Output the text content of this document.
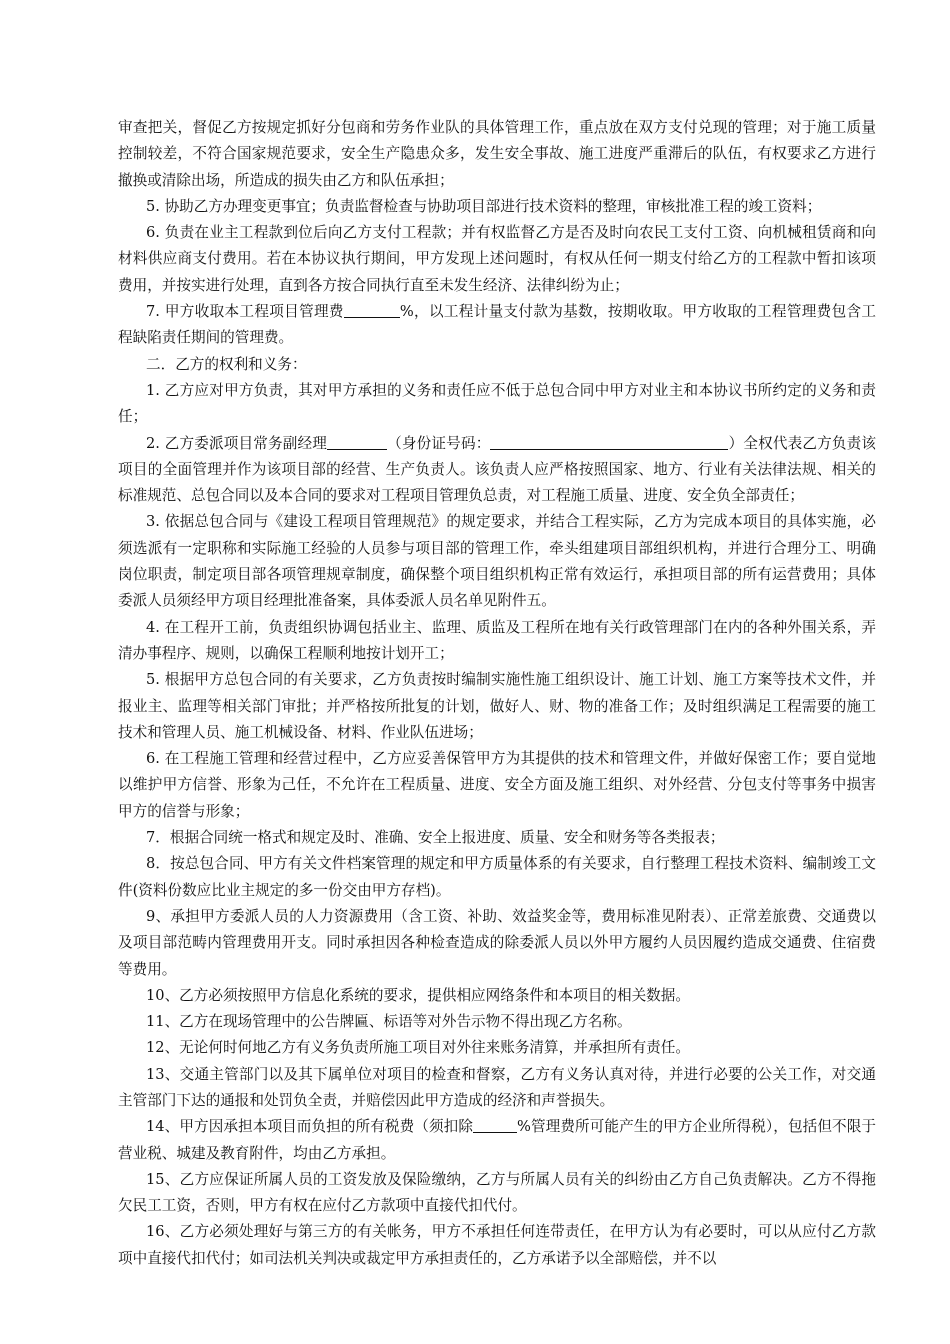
审查把关，督促乙方按规定抓好分包商和劳务作业队的具体管理工作，重点放在双方支付兑现的管理；对于施工质量控制较差，不符合国家规范要求，安全生产隐患众多，发生安全事故、施工进度严重滞后的队伍，有权要求乙方进行撤换或清除出场，所造成的损失由乙方和队伍承担；

5. 协助乙方办理变更事宜；负责监督检查与协助项目部进行技术资料的整理，审核批准工程的竣工资料；

6. 负责在业主工程款到位后向乙方支付工程款；并有权监督乙方是否及时向农民工支付工资、向机械租赁商和向材料供应商支付费用。若在本协议执行期间，甲方发现上述问题时，有权从任何一期支付给乙方的工程款中暂扣该项费用，并按实进行处理，直到各方按合同执行直至未发生经济、法律纠纷为止；

7. 甲方收取本工程项目管理费	%，以工程计量支付款为基数，按期收取。甲方收取的工程管理费包含工程缺陷责任期间的管理费。

二．乙方的权利和义务：

1. 乙方应对甲方负责，其对甲方承担的义务和责任应不低于总包合同中甲方对业主和本协议书所约定的义务和责任；

2. 乙方委派项目常务副经理	（身份证号码：	）全权代表乙方负责该项目的全面管理并作为该项目部的经营、生产负责人。该负责人应严格按照国家、地方、行业有关法律法规、相关的标准规范、总包合同以及本合同的要求对工程项目管理负总责，对工程施工质量、进度、安全负全部责任；

3. 依据总包合同与《建设工程项目管理规范》的规定要求，并结合工程实际，乙方为完成本项目的具体实施，必须选派有一定职称和实际施工经验的人员参与项目部的管理工作，牵头组建项目部组织机构，并进行合理分工、明确岗位职责，制定项目部各项管理规章制度，确保整个项目组织机构正常有效运行，承担项目部的所有运营费用；具体委派人员须经甲方项目经理批准备案，具体委派人员名单见附件五。

4. 在工程开工前，负责组织协调包括业主、监理、质监及工程所在地有关行政管理部门在内的各种外围关系，弄清办事程序、规则，以确保工程顺利地按计划开工；

5. 根据甲方总包合同的有关要求，乙方负责按时编制实施性施工组织设计、施工计划、施工方案等技术文件，并报业主、监理等相关部门审批；并严格按所批复的计划，做好人、财、物的准备工作；及时组织满足工程需要的施工技术和管理人员、施工机械设备、材料、作业队伍进场；

6. 在工程施工管理和经营过程中，乙方应妥善保管甲方为其提供的技术和管理文件，并做好保密工作；要自觉地以维护甲方信誉、形象为己任，不允许在工程质量、进度、安全方面及施工组织、对外经营、分包支付等事务中损害甲方的信誉与形象；

7．根据合同统一格式和规定及时、准确、安全上报进度、质量、安全和财务等各类报表；

8．按总包合同、甲方有关文件档案管理的规定和甲方质量体系的有关要求，自行整理工程技术资料、编制竣工文件(资料份数应比业主规定的多一份交由甲方存档)。

9、承担甲方委派人员的人力资源费用（含工资、补助、效益奖金等，费用标准见附表）、正常差旅费、交通费以及项目部范畴内管理费用开支。同时承担因各种检查造成的除委派人员以外甲方履约人员因履约造成交通费、住宿费等费用。

10、乙方必须按照甲方信息化系统的要求，提供相应网络条件和本项目的相关数据。

11、乙方在现场管理中的公告牌匾、标语等对外告示物不得出现乙方名称。

12、无论何时何地乙方有义务负责所施工项目对外往来账务清算，并承担所有责任。

13、交通主管部门以及其下属单位对项目的检查和督察，乙方有义务认真对待，并进行必要的公关工作，对交通主管部门下达的通报和处罚负全责，并赔偿因此甲方造成的经济和声誉损失。

14、甲方因承担本项目而负担的所有税费（须扣除	%管理费所可能产生的甲方企业所得税），包括但不限于营业税、城建及教育附件，均由乙方承担。

15、乙方应保证所属人员的工资发放及保险缴纳，乙方与所属人员有关的纠纷由乙方自己负责解决。乙方不得拖欠民工工资，否则，甲方有权在应付乙方款项中直接代扣代付。

16、乙方必须处理好与第三方的有关帐务，甲方不承担任何连带责任，在甲方认为有必要时，可以从应付乙方款项中直接代扣代付；如司法机关判决或裁定甲方承担责任的，乙方承诺予以全部赔偿，并不以
